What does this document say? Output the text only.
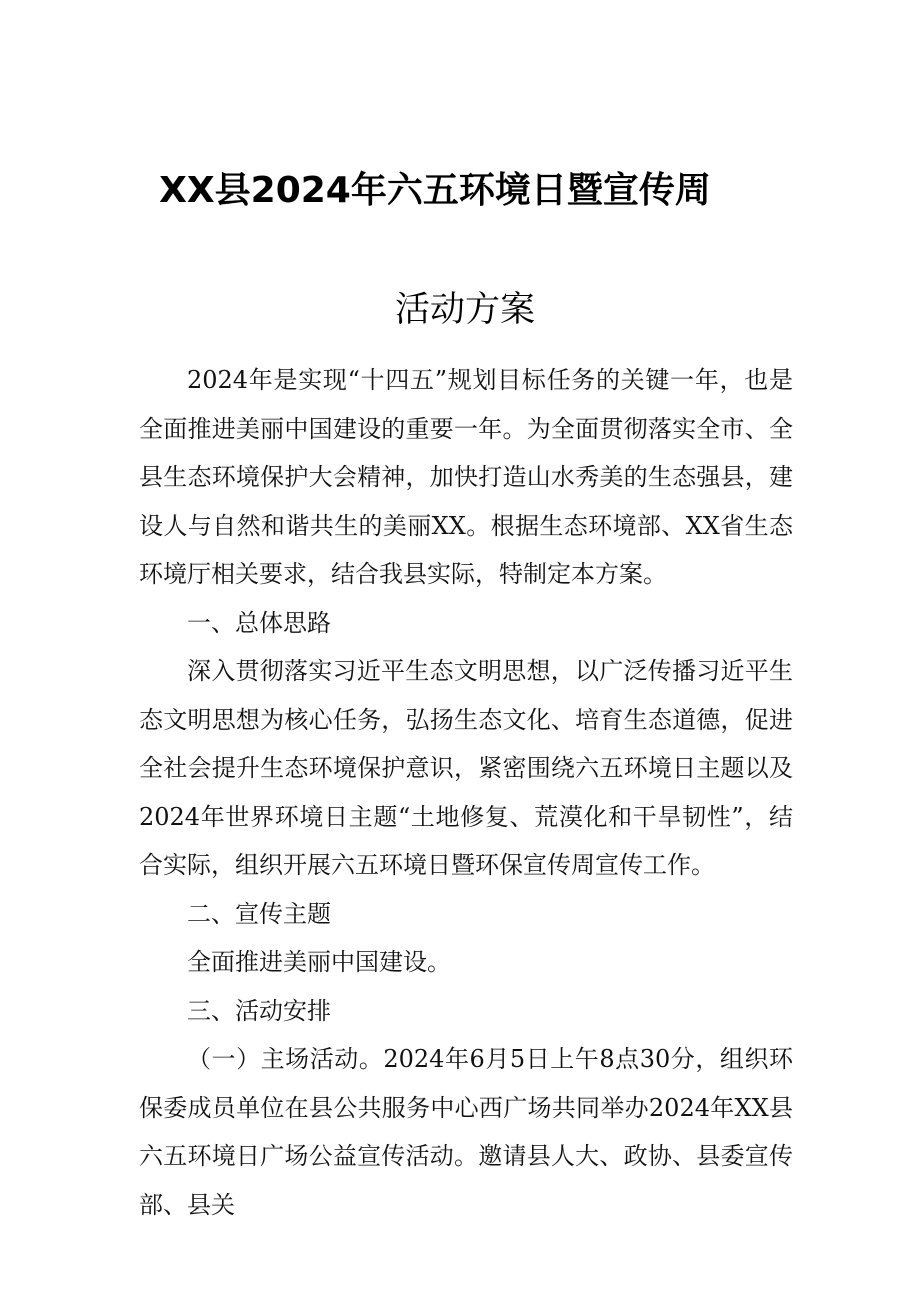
XX县2024年六五环境日暨宣传周
活动方案

2024年是实现“十四五”规划目标任务的关键一年，也是全面推进美丽中国建设的重要一年。为全面贯彻落实全市、全县生态环境保护大会精神，加快打造山水秀美的生态强县，建设人与自然和谐共生的美丽XX。根据生态环境部、XX省生态环境厅相关要求，结合我县实际，特制定本方案。

一、总体思路

深入贯彻落实习近平生态文明思想，以广泛传播习近平生态文明思想为核心任务，弘扬生态文化、培育生态道德，促进全社会提升生态环境保护意识，紧密围绕六五环境日主题以及2024年世界环境日主题“土地修复、荒漠化和干旱韧性”，结合实际，组织开展六五环境日暨环保宣传周宣传工作。

二、宣传主题

全面推进美丽中国建设。

三、活动安排

（一）主场活动。2024年6月5日上午8点30分，组织环保委成员单位在县公共服务中心西广场共同举办2024年XX县六五环境日广场公益宣传活动。邀请县人大、政协、县委宣传部、县关
